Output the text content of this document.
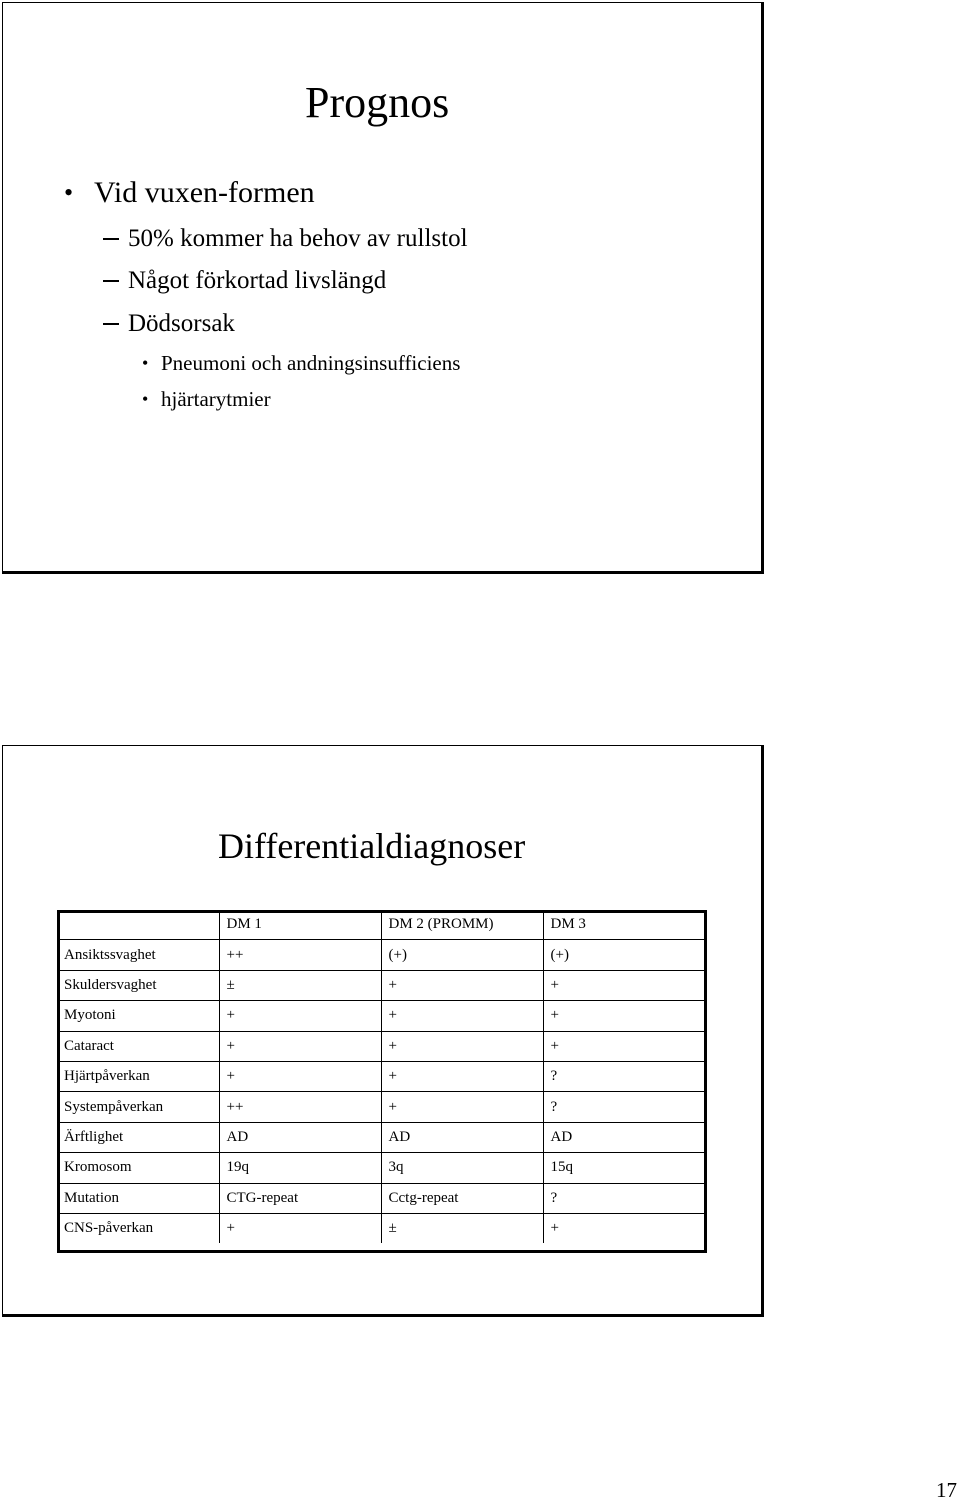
Prognos
• Vid vuxen-formen
50% kommer ha behov av rullstol
Något förkortad livslängd
Dödsorsak
• Pneumoni och andningsinsufficiens
• hjärtarytmier
Differentialdiagnoser
	DM 1	DM 2 (PROMM)	DM 3
Ansiktssvaghet	++	(+)	(+)
Skuldersvaghet	±	+	+
Myotoni	+	+	+
Cataract	+	+	+
Hjärtpåverkan	+	+	?
Systempåverkan	++	+	?
Ärftlighet	AD	AD	AD
Kromosom	19q	3q	15q
Mutation	CTG-repeat	Cctg-repeat	?
CNS-påverkan	+	±	+
17
